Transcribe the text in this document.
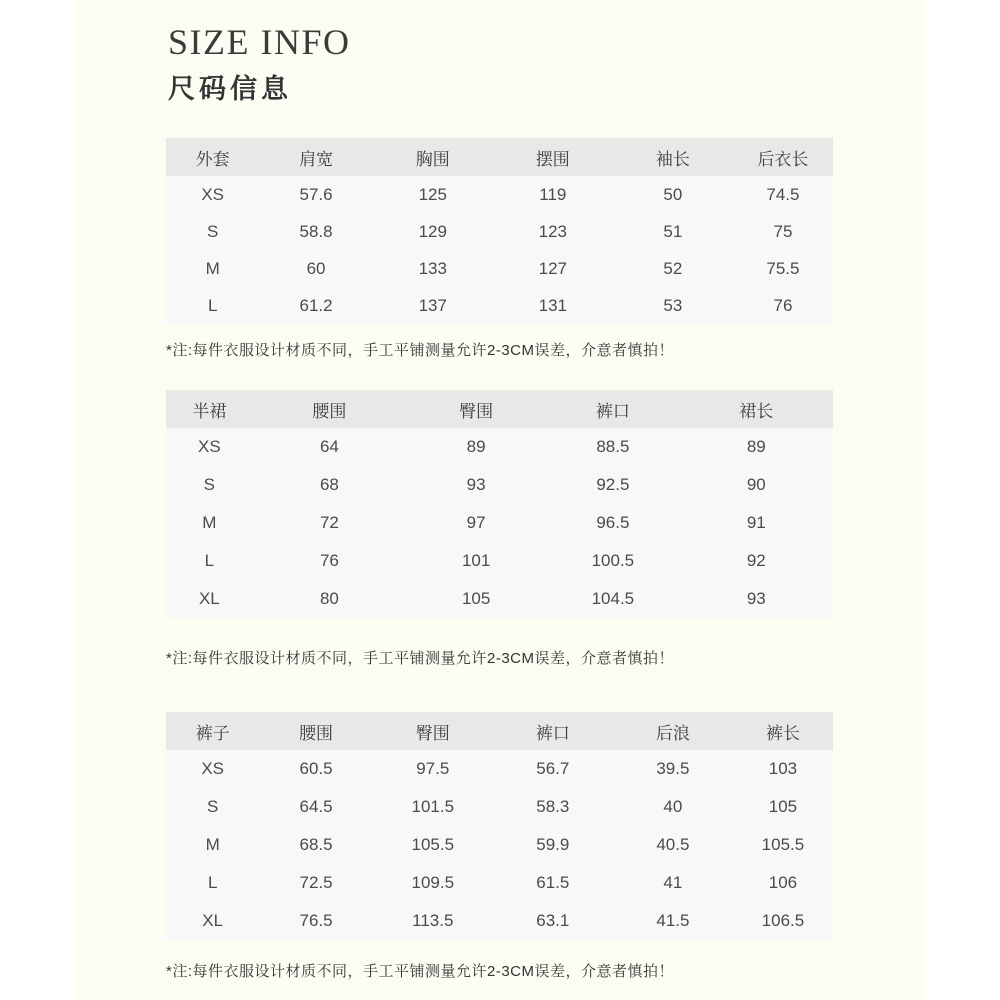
SIZE INFO
尺码信息
外套	肩宽	胸围	摆围	袖长	后衣长
XS	57.6	125	119	50	74.5
S	58.8	129	123	51	75
M	60	133	127	52	75.5
L	61.2	137	131	53	76

*注:每件衣服设计材质不同，手工平铺测量允许2-3CM误差，介意者慎拍！

半裙	腰围	臀围	裤口	裙长
XS	64	89	88.5	89
S	68	93	92.5	90
M	72	97	96.5	91
L	76	101	100.5	92
XL	80	105	104.5	93

*注:每件衣服设计材质不同，手工平铺测量允许2-3CM误差，介意者慎拍！

裤子	腰围	臀围	裤口	后浪	裤长
XS	60.5	97.5	56.7	39.5	103
S	64.5	101.5	58.3	40	105
M	68.5	105.5	59.9	40.5	105.5
L	72.5	109.5	61.5	41	106
XL	76.5	113.5	63.1	41.5	106.5

*注:每件衣服设计材质不同，手工平铺测量允许2-3CM误差，介意者慎拍！
